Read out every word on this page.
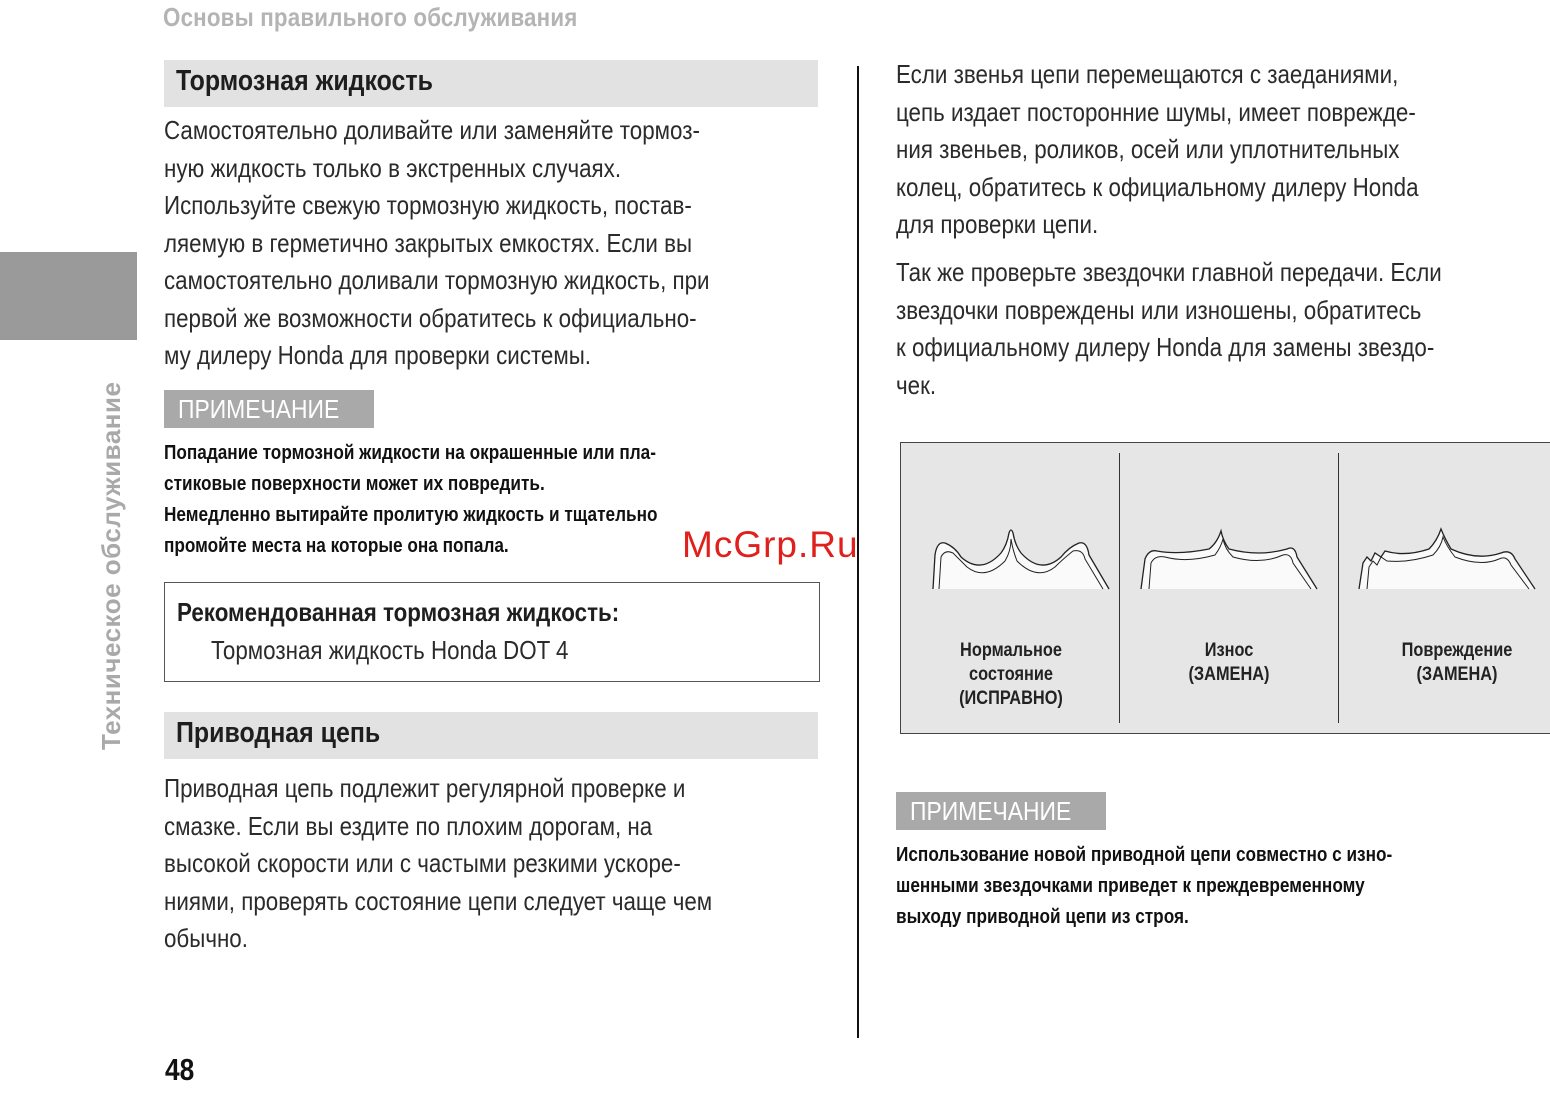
Основы правильного обслуживания
Техническое обслуживание
Тормозная жидкость
Самостоятельно доливайте или заменяйте тормоз-
ную жидкость только в экстренных случаях.
Используйте свежую тормозную жидкость, постав-
ляемую в герметично закрытых емкостях. Если вы
самостоятельно доливали тормозную жидкость, при
первой же возможности обратитесь к официально-
му дилеру Honda для проверки системы.
ПРИМЕЧАНИЕ
Попадание тормозной жидкости на окрашенные или пла-
стиковые поверхности может их повредить.
Немедленно вытирайте пролитую жидкость и тщательно
промойте места на которые она попала.
Рекомендованная тормозная жидкость:
Тормозная жидкость Honda DOT 4
Приводная цепь
Приводная цепь подлежит регулярной проверке и
смазке. Если вы ездите по плохим дорогам, на
высокой скорости или с частыми резкими ускоре-
ниями, проверять состояние цепи следует чаще чем
обычно.
Если звенья цепи перемещаются с заеданиями,
цепь издает посторонние шумы, имеет поврежде-
ния звеньев, роликов, осей или уплотнительных
колец, обратитесь к официальному дилеру Honda
для проверки цепи.
Так же проверьте звездочки главной передачи. Если
звездочки повреждены или изношены, обратитесь
к официальному дилеру Honda для замены звездо-
чек.
Нормальное
состояние
(ИСПРАВНО)
Износ
(ЗАМЕНА)
Повреждение
(ЗАМЕНА)
ПРИМЕЧАНИЕ
Использование новой приводной цепи совместно с изно-
шенными звездочками приведет к преждевременному
выходу приводной цепи из строя.
McGrp.Ru
48
